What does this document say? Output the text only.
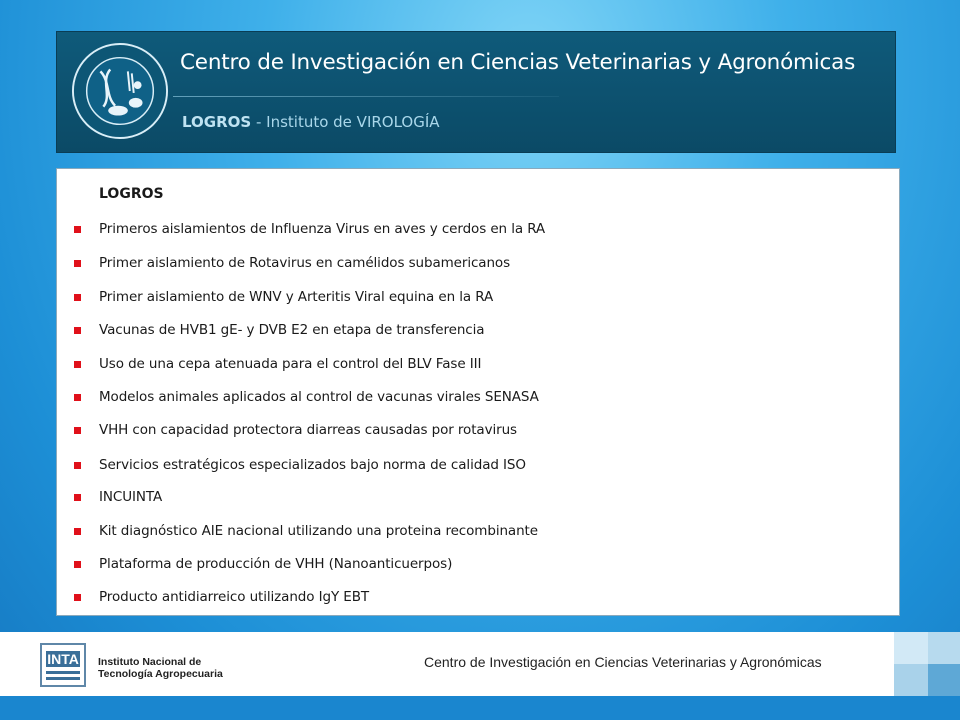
Centro de Investigación en Ciencias Veterinarias y Agronómicas
LOGROS - Instituto de VIROLOGÍA
LOGROS
Primeros aislamientos de Influenza Virus en aves y cerdos en la RA
Primer aislamiento de Rotavirus en camélidos subamericanos
Primer aislamiento de WNV y Arteritis Viral equina en la RA
Vacunas de HVB1 gE- y DVB E2 en etapa de transferencia
Uso de una cepa atenuada para el control del BLV Fase III
Modelos animales aplicados al control de vacunas virales SENASA
VHH con capacidad protectora diarreas causadas por rotavirus
Servicios estratégicos especializados bajo norma de calidad ISO
INCUINTA
Kit diagnóstico AIE nacional utilizando una proteina recombinante
Plataforma de producción de VHH (Nanoanticuerpos)
Producto antidiarreico utilizando IgY EBT
INTA Instituto Nacional de
Tecnología Agropecuaria
Centro de Investigación en Ciencias Veterinarias y Agronómicas
